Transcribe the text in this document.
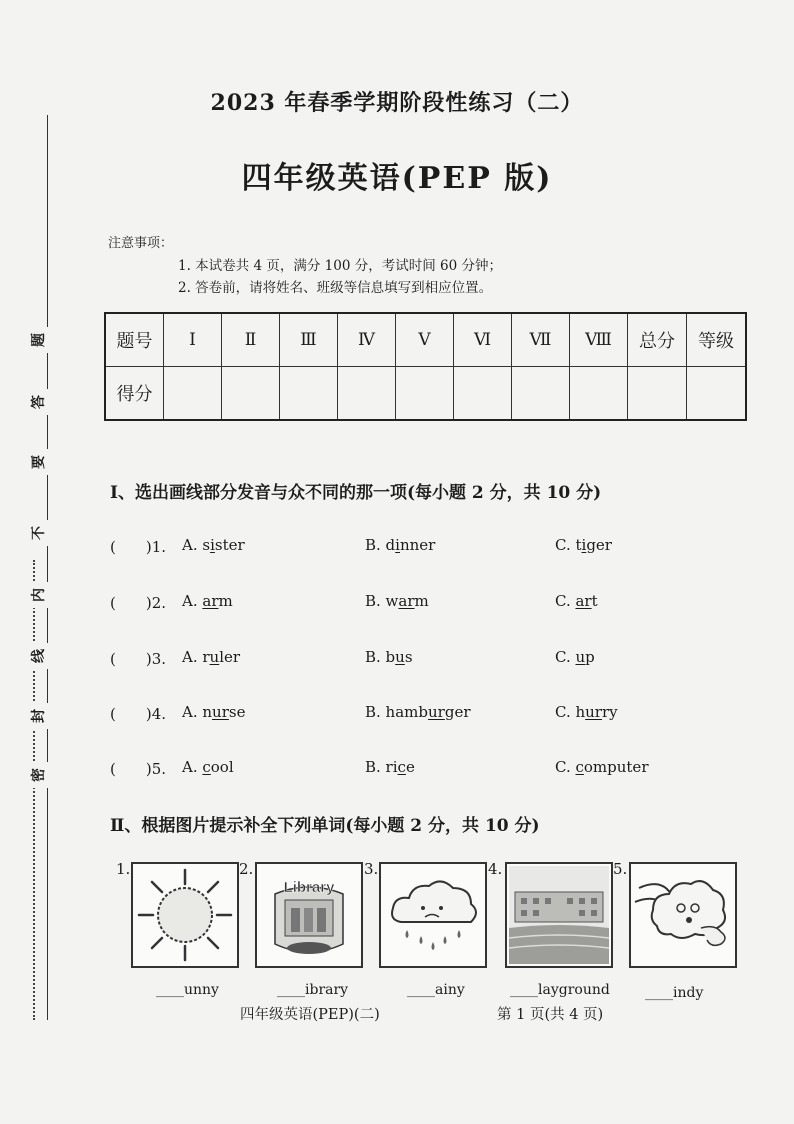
密
封
线
内
不
要
答
题
2023 年春季学期阶段性练习（二）
四年级英语(PEP 版)
注意事项：
1. 本试卷共 4 页，满分 100 分，考试时间 60 分钟；
2. 答卷前，请将姓名、班级等信息填写到相应位置。
题号	Ⅰ	Ⅱ	Ⅲ	Ⅳ	Ⅴ	Ⅵ	Ⅶ	Ⅷ	总分	等级
得分										
Ⅰ、选出画线部分发音与众不同的那一项(每小题 2 分，共 10 分)
(　　)1. A. sister	B. dinner	C. tiger
(　　)2. A. arm	B. warm	C. art
(　　)3. A. ruler	B. bus	C. up
(　　)4. A. nurse	B. hamburger	C. hurry
(　　)5. A. cool	B. rice	C. computer
Ⅱ、根据图片提示补全下列单词(每小题 2 分，共 10 分)
1.	2.	3.	4.	5.
Library
____unny	____ibrary	____ainy	____layground	____indy
四年级英语(PEP)(二)	第 1 页(共 4 页)
